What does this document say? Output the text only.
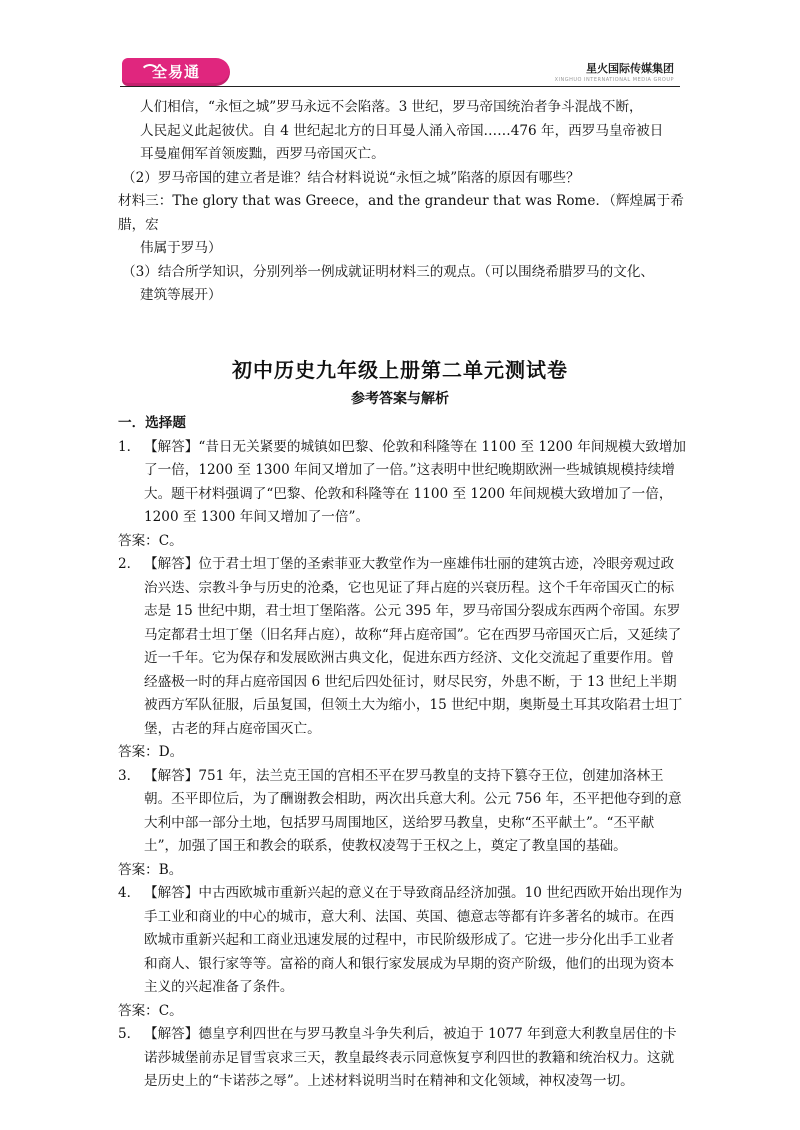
全易通	星火国际传媒集团
XINGHUO INTERNATIONAL MEDIA GROUP

人们相信，“永恒之城”罗马永远不会陷落。3 世纪，罗马帝国统治者争斗混战不断，

人民起义此起彼伏。自 4 世纪起北方的日耳曼人涌入帝国……476 年，西罗马皇帝被日

耳曼雇佣军首领废黜，西罗马帝国灭亡。

（2）罗马帝国的建立者是谁？结合材料说说“永恒之城”陷落的原因有哪些？

材料三：The glory that was Greece，and the grandeur that was Rome．（辉煌属于希腊，宏

伟属于罗马）

（3）结合所学知识，分别列举一例成就证明材料三的观点。（可以围绕希腊罗马的文化、

建筑等展开）

初中历史九年级上册第二单元测试卷
参考答案与解析

一．选择题

1． 【解答】“昔日无关紧要的城镇如巴黎、伦敦和科隆等在 1100 至 1200 年间规模大致增加了一倍，1200 至 1300 年间又增加了一倍。”这表明中世纪晚期欧洲一些城镇规模持续增大。题干材料强调了“巴黎、伦敦和科隆等在 1100 至 1200 年间规模大致增加了一倍，1200 至 1300 年间又增加了一倍”。

答案：C。

2． 【解答】位于君士坦丁堡的圣索菲亚大教堂作为一座雄伟壮丽的建筑古迹，冷眼旁观过政治兴迭、宗教斗争与历史的沧桑，它也见证了拜占庭的兴衰历程。这个千年帝国灭亡的标志是 15 世纪中期，君士坦丁堡陷落。公元 395 年，罗马帝国分裂成东西两个帝国。东罗马定都君士坦丁堡（旧名拜占庭），故称“拜占庭帝国”。它在西罗马帝国灭亡后，又延续了近一千年。它为保存和发展欧洲古典文化，促进东西方经济、文化交流起了重要作用。曾经盛极一时的拜占庭帝国因 6 世纪后四处征讨，财尽民穷，外患不断，于 13 世纪上半期被西方军队征服，后虽复国，但领土大为缩小，15 世纪中期，奥斯曼土耳其攻陷君士坦丁堡，古老的拜占庭帝国灭亡。

答案：D。

3． 【解答】751 年，法兰克王国的宫相丕平在罗马教皇的支持下篡夺王位，创建加洛林王朝。丕平即位后，为了酬谢教会相助，两次出兵意大利。公元 756 年，丕平把他夺到的意大利中部一部分土地，包括罗马周围地区，送给罗马教皇，史称“丕平献土”。“丕平献土”，加强了国王和教会的联系，使教权凌驾于王权之上，奠定了教皇国的基础。

答案：B。

4． 【解答】中古西欧城市重新兴起的意义在于导致商品经济加强。10 世纪西欧开始出现作为手工业和商业的中心的城市，意大利、法国、英国、德意志等都有许多著名的城市。在西欧城市重新兴起和工商业迅速发展的过程中，市民阶级形成了。它进一步分化出手工业者和商人、银行家等等。富裕的商人和银行家发展成为早期的资产阶级，他们的出现为资本主义的兴起准备了条件。

答案：C。

5． 【解答】德皇亨利四世在与罗马教皇斗争失利后，被迫于 1077 年到意大利教皇居住的卡诺莎城堡前赤足冒雪哀求三天，教皇最终表示同意恢复亨利四世的教籍和统治权力。这就是历史上的“卡诺莎之辱”。上述材料说明当时在精神和文化领域，神权凌驾一切。
